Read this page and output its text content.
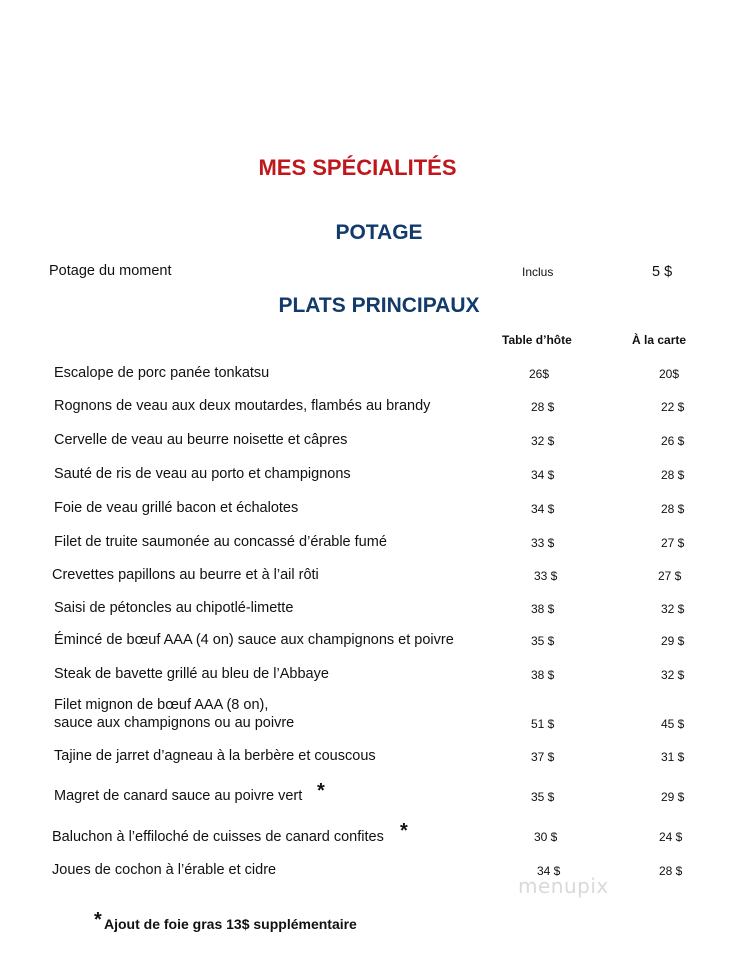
MES SPÉCIALITÉS
POTAGE
Potage du moment	Inclus	5 $
PLATS PRINCIPAUX
Table d’hôte	À la carte
Escalope de porc panée tonkatsu	26$	20$
Rognons de veau aux deux moutardes, flambés au brandy	28 $	22 $
Cervelle de veau au beurre noisette et câpres	32 $	26 $
Sauté de ris de veau au porto et champignons	34 $	28 $
Foie de veau grillé bacon et échalotes	34 $	28 $
Filet de truite saumonée au concassé d’érable fumé	33 $	27 $
Crevettes papillons au beurre et à l’ail rôti	33 $	27 $
Saisi de pétoncles au chipotlé-limette	38 $	32 $
Émincé de bœuf AAA (4 on) sauce aux champignons et poivre	35 $	29 $
Steak de bavette grillé au bleu de l’Abbaye	38 $	32 $
Filet mignon de bœuf AAA (8 on),
sauce aux champignons ou au poivre	51 $	45 $
Tajine de jarret d’agneau à la berbère et couscous	37 $	31 $
Magret de canard sauce au poivre vert *	35 $	29 $
Baluchon à l’effiloché de cuisses de canard confites *	30 $	24 $
Joues de cochon à l’érable et cidre	34 $	28 $
menupix
* Ajout de foie gras 13$ supplémentaire
